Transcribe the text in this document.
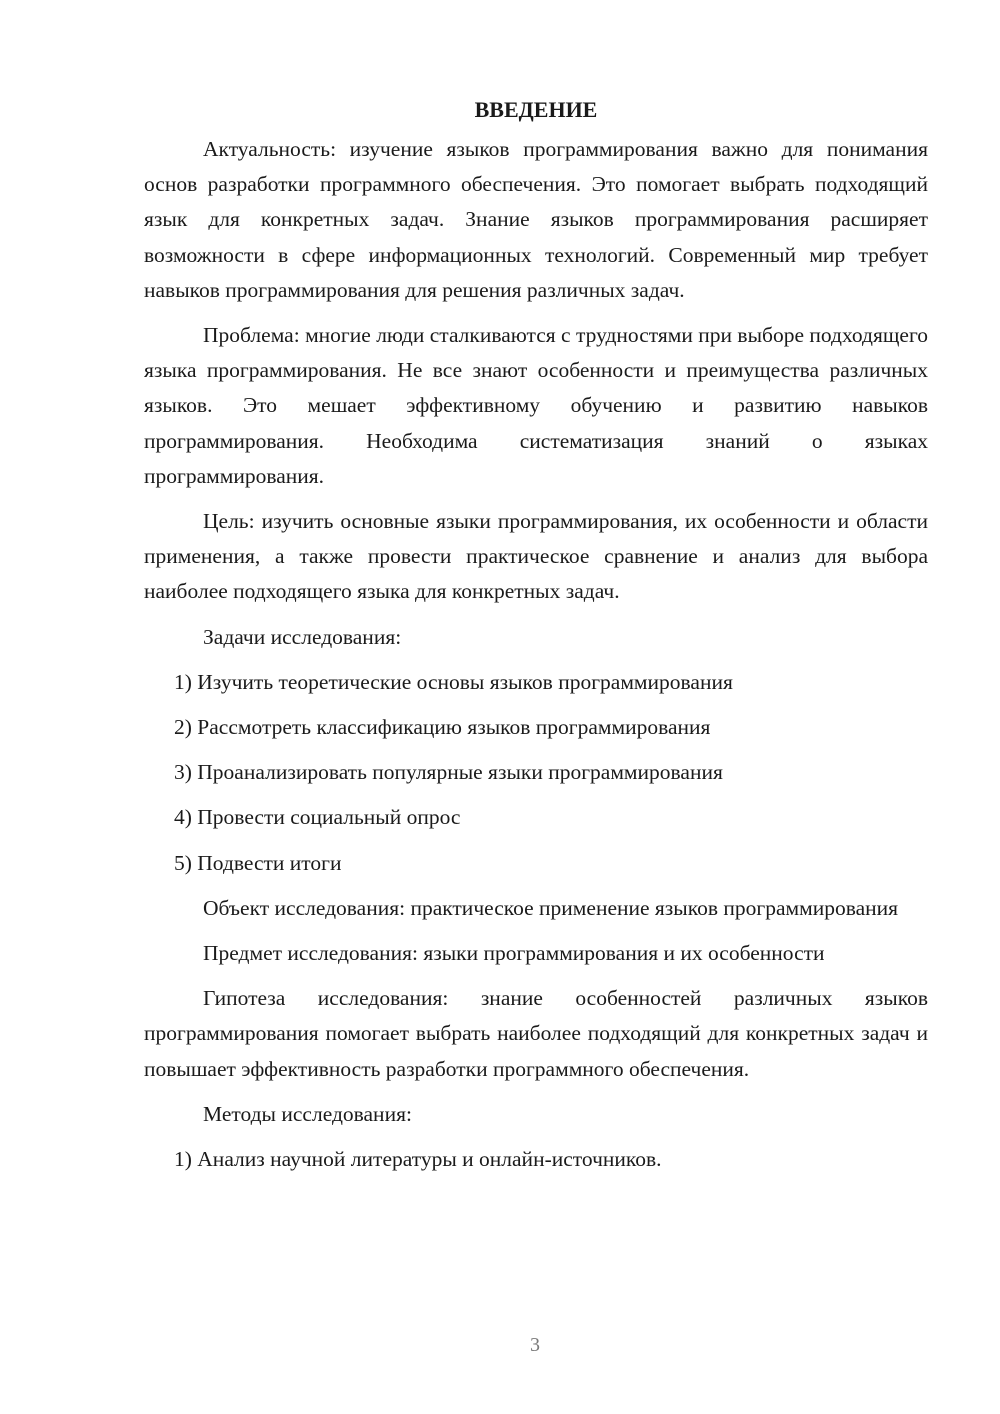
ВВЕДЕНИЕ

Актуальность: изучение языков программирования важно для понимания основ разработки программного обеспечения. Это помогает выбрать подходящий язык для конкретных задач. Знание языков программирования расширяет возможности в сфере информационных технологий. Современный мир требует навыков программирования для решения различных задач.

Проблема: многие люди сталкиваются с трудностями при выборе подходящего языка программирования. Не все знают особенности и преимущества различных языков. Это мешает эффективному обучению и развитию навыков программирования. Необходима систематизация знаний о языках программирования.

Цель: изучить основные языки программирования, их особенности и области применения, а также провести практическое сравнение и анализ для выбора наиболее подходящего языка для конкретных задач.

Задачи исследования:

1) Изучить теоретические основы языков программирования

2) Рассмотреть классификацию языков программирования

3) Проанализировать популярные языки программирования

4) Провести социальный опрос

5) Подвести итоги

Объект исследования: практическое применение языков программирования

Предмет исследования: языки программирования и их особенности

Гипотеза исследования: знание особенностей различных языков программирования помогает выбрать наиболее подходящий для конкретных задач и повышает эффективность разработки программного обеспечения.

Методы исследования:

1) Анализ научной литературы и онлайн-источников.

3
